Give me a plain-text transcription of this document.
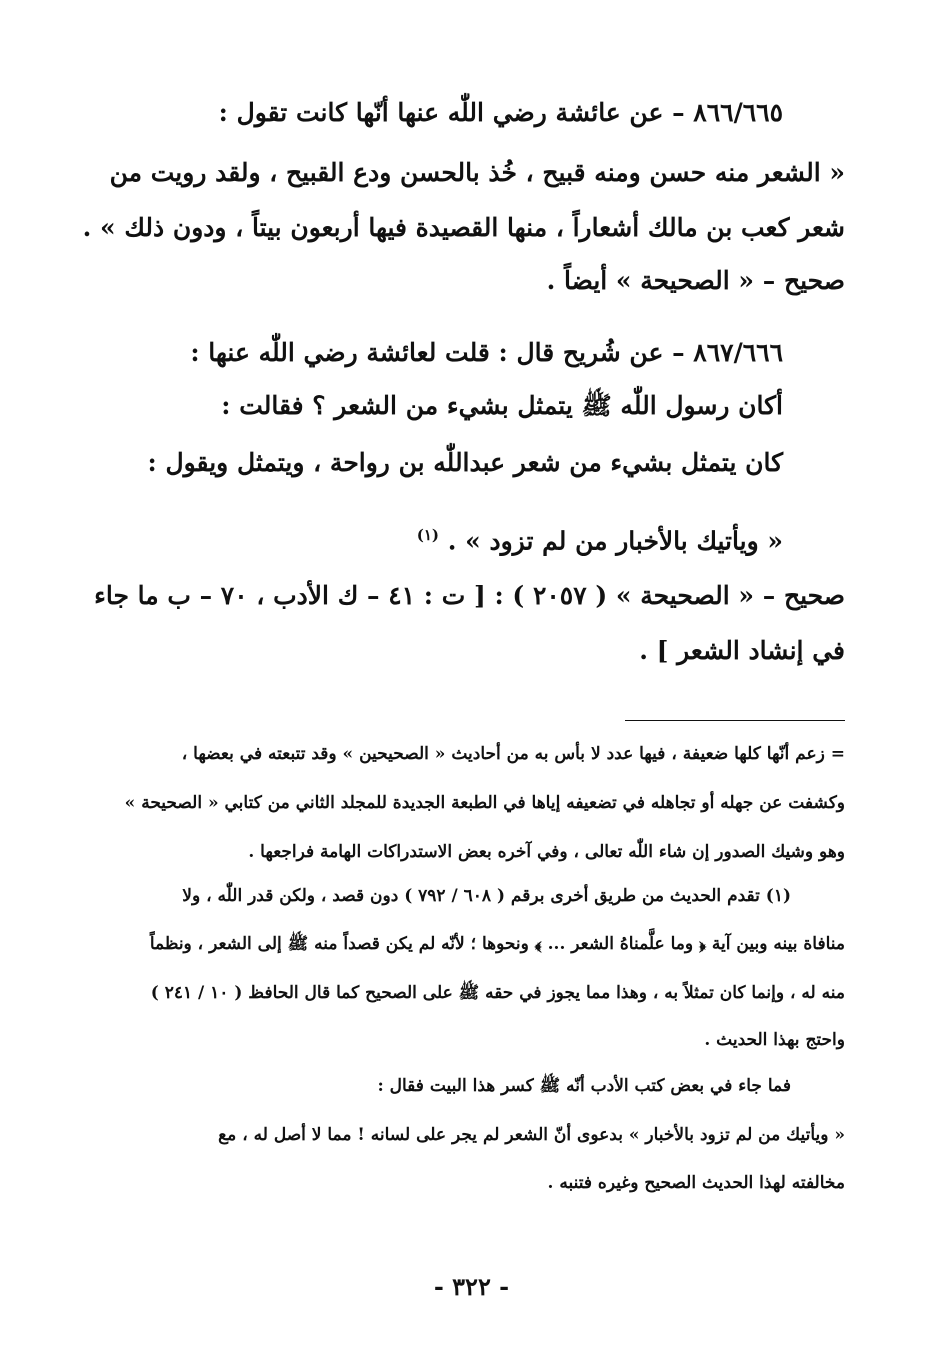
٨٦٦/٦٦٥ – عن عائشة رضي اللّٰه عنها أنّها كانت تقول :
« الشعر منه حسن ومنه قبيح ، خُذ بالحسن ودع القبيح ، ولقد رويت من
شعر كعب بن مالك أشعاراً ، منها القصيدة فيها أربعون بيتاً ، ودون ذلك » .
صحيح – « الصحيحة » أيضاً .
٨٦٧/٦٦٦ – عن شُريح قال : قلت لعائشة رضي اللّٰه عنها :
أكان رسول اللّٰه ﷺ يتمثل بشيء من الشعر ؟ فقالت :
كان يتمثل بشيء من شعر عبداللّٰه بن رواحة ، ويتمثل ويقول :
« ويأتيك بالأخبار من لم تزود » . $^{(١)}$
صحيح – « الصحيحة » ( ٢٠٥٧ ) : [ ت : ٤١ – ك الأدب ، ٧٠ – ب ما جاء
في إنشاد الشعر ] .
= زعم أنّها كلها ضعيفة ، فيها عدد لا بأس به من أحاديث « الصحيحين » وقد تتبعته في بعضها ،
وكشفت عن جهله أو تجاهله في تضعيفه إياها في الطبعة الجديدة للمجلد الثاني من كتابي « الصحيحة »
وهو وشيك الصدور إن شاء اللّٰه تعالى ، وفي آخره بعض الاستدراكات الهامة فراجعها .
(١) تقدم الحديث من طريق أخرى برقم ( ٦٠٨ / ٧٩٢ ) دون قصد ، ولكن قدر اللّٰه ، ولا
منافاة بينه وبين آية ﴿ وما علَّمناهُ الشعر ... ﴾ ونحوها ؛ لأنّه لم يكن قصداً منه ﷺ إلى الشعر ، ونظماً
منه له ، وإنما كان تمثلاً به ، وهذا مما يجوز في حقه ﷺ على الصحيح كما قال الحافظ ( ١٠ / ٢٤١ )
واحتج بهذا الحديث .
فما جاء في بعض كتب الأدب أنّه ﷺ كسر هذا البيت فقال :
« ويأتيك من لم تزود بالأخبار » بدعوى أنّ الشعر لم يجر على لسانه ! مما لا أصل له ، مع
مخالفته لهذا الحديث الصحيح وغيره فتنبه .
- ٣٢٢ -
